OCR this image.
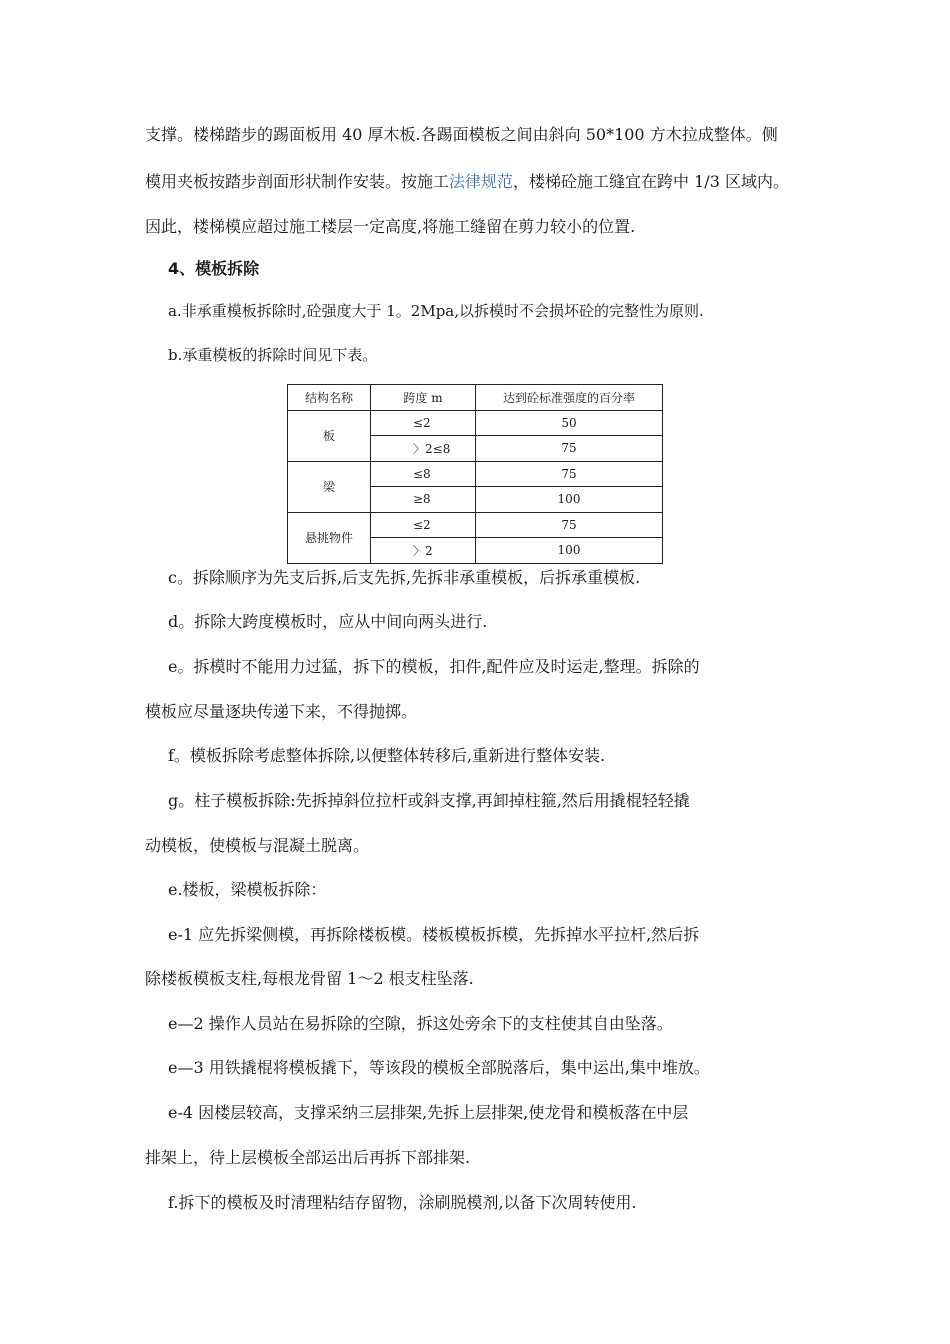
支撑。楼梯踏步的踢面板用 40 厚木板.各踢面模板之间由斜向 50*100 方木拉成整体。侧
模用夹板按踏步剖面形状制作安装。按施工法律规范，楼梯砼施工缝宜在跨中 1/3 区域内。
因此，楼梯模应超过施工楼层一定高度,将施工缝留在剪力较小的位置.
4、模板拆除
a.非承重模板拆除时,砼强度大于 1。2Mpa,以拆模时不会损坏砼的完整性为原则.
b.承重模板的拆除时间见下表。
结构名称	跨度 m	达到砼标准强度的百分率
板	≤2	50
	〉2≤8	75
梁	≤8	75
	≥8	100
悬挑物件	≤2	75
	〉2	100
c。拆除顺序为先支后拆,后支先拆,先拆非承重模板，后拆承重模板.
d。拆除大跨度模板时，应从中间向两头进行.
e。拆模时不能用力过猛，拆下的模板，扣件,配件应及时运走,整理。拆除的
模板应尽量逐块传递下来，不得抛掷。
f。模板拆除考虑整体拆除,以便整体转移后,重新进行整体安装.
g。柱子模板拆除:先拆掉斜位拉杆或斜支撑,再卸掉柱箍,然后用撬棍轻轻撬
动模板，使模板与混凝土脱离。
e.楼板，梁模板拆除：
e-1 应先拆梁侧模，再拆除楼板模。楼板模板拆模，先拆掉水平拉杆,然后拆
除楼板模板支柱,每根龙骨留 1～2 根支柱坠落.
e—2 操作人员站在易拆除的空隙，拆这处旁余下的支柱使其自由坠落。
e—3 用铁撬棍将模板撬下，等该段的模板全部脱落后，集中运出,集中堆放。
e-4 因楼层较高，支撑采纳三层排架,先拆上层排架,使龙骨和模板落在中层
排架上，待上层模板全部运出后再拆下部排架.
f.拆下的模板及时清理粘结存留物，涂刷脱模剂,以备下次周转使用.
